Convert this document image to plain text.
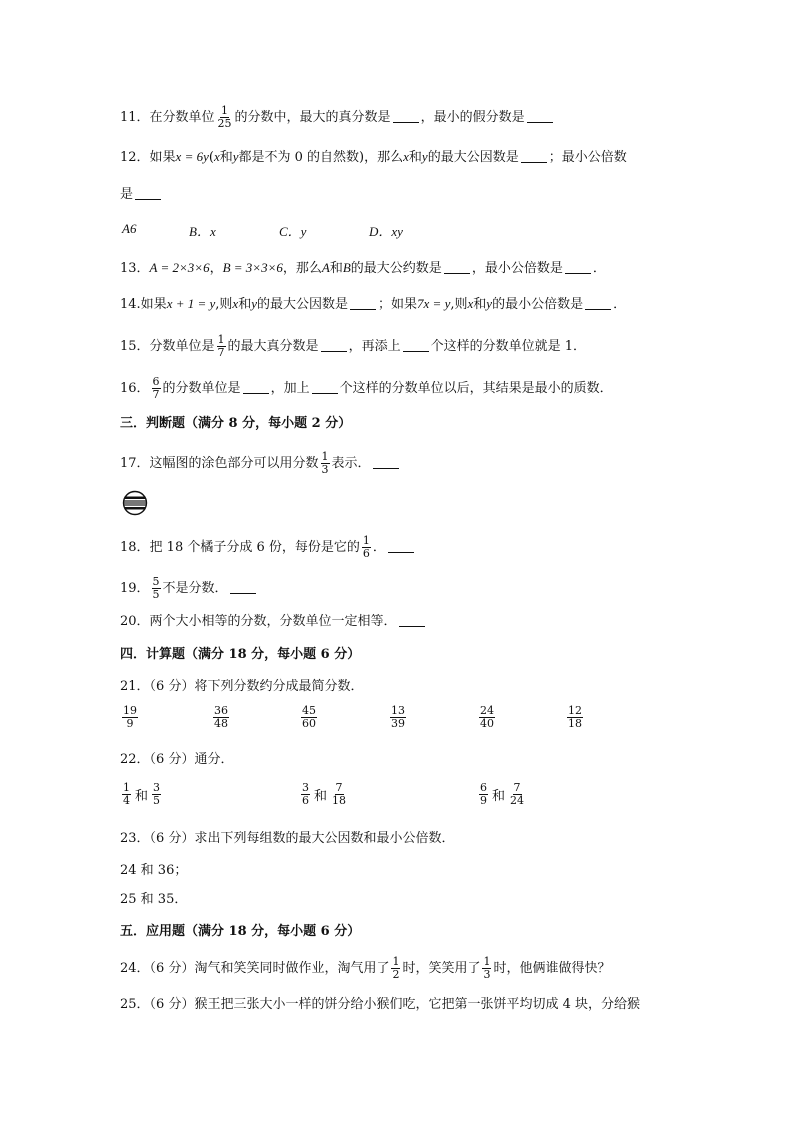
11．在分数单位 $\frac{1}{25}$ 的分数中，最大的真分数是 ，最小的假分数是
12．如果x = 6y(x和y都是不为 0 的自然数)，那么x和y的最大公因数是 ；最小公倍数
是
A6	B．x	C．y	D．xy
13．A = 2×3×6，B = 3×3×6，那么A和B的最大公约数是 ，最小公倍数是 ．
14.如果x + 1 = y,则x和y的最大公因数是 ；如果7x = y,则x和y的最小公倍数是 ．
15．分数单位是 $\frac{1}{7}$ 的最大真分数是 ，再添上 个这样的分数单位就是 1．
16． $\frac{6}{7}$ 的分数单位是 ，加上 个这样的分数单位以后，其结果是最小的质数．
三．判断题（满分 8 分，每小题 2 分）
17．这幅图的涂色部分可以用分数 $\frac{1}{3}$ 表示．
18．把 18 个橘子分成 6 份，每份是它的 $\frac{1}{6}$ ．
19． $\frac{5}{5}$ 不是分数．
20．两个大小相等的分数，分数单位一定相等．
四．计算题（满分 18 分，每小题 6 分）
21．（6 分）将下列分数约分成最简分数．
$\frac{19}{9}$	$\frac{36}{48}$	$\frac{45}{60}$	$\frac{13}{39}$	$\frac{24}{40}$	$\frac{12}{18}$
22．（6 分）通分．
$\frac{1}{4}$ 和 $\frac{3}{5}$	$\frac{3}{6}$ 和 $\frac{7}{18}$	$\frac{6}{9}$ 和 $\frac{7}{24}$
23．（6 分）求出下列每组数的最大公因数和最小公倍数．
24 和 36；
25 和 35．
五．应用题（满分 18 分，每小题 6 分）
24．（6 分）淘气和笑笑同时做作业，淘气用了 $\frac{1}{2}$ 时，笑笑用了 $\frac{1}{3}$ 时，他俩谁做得快？
25．（6 分）猴王把三张大小一样的饼分给小猴们吃，它把第一张饼平均切成 4 块，分给猴
